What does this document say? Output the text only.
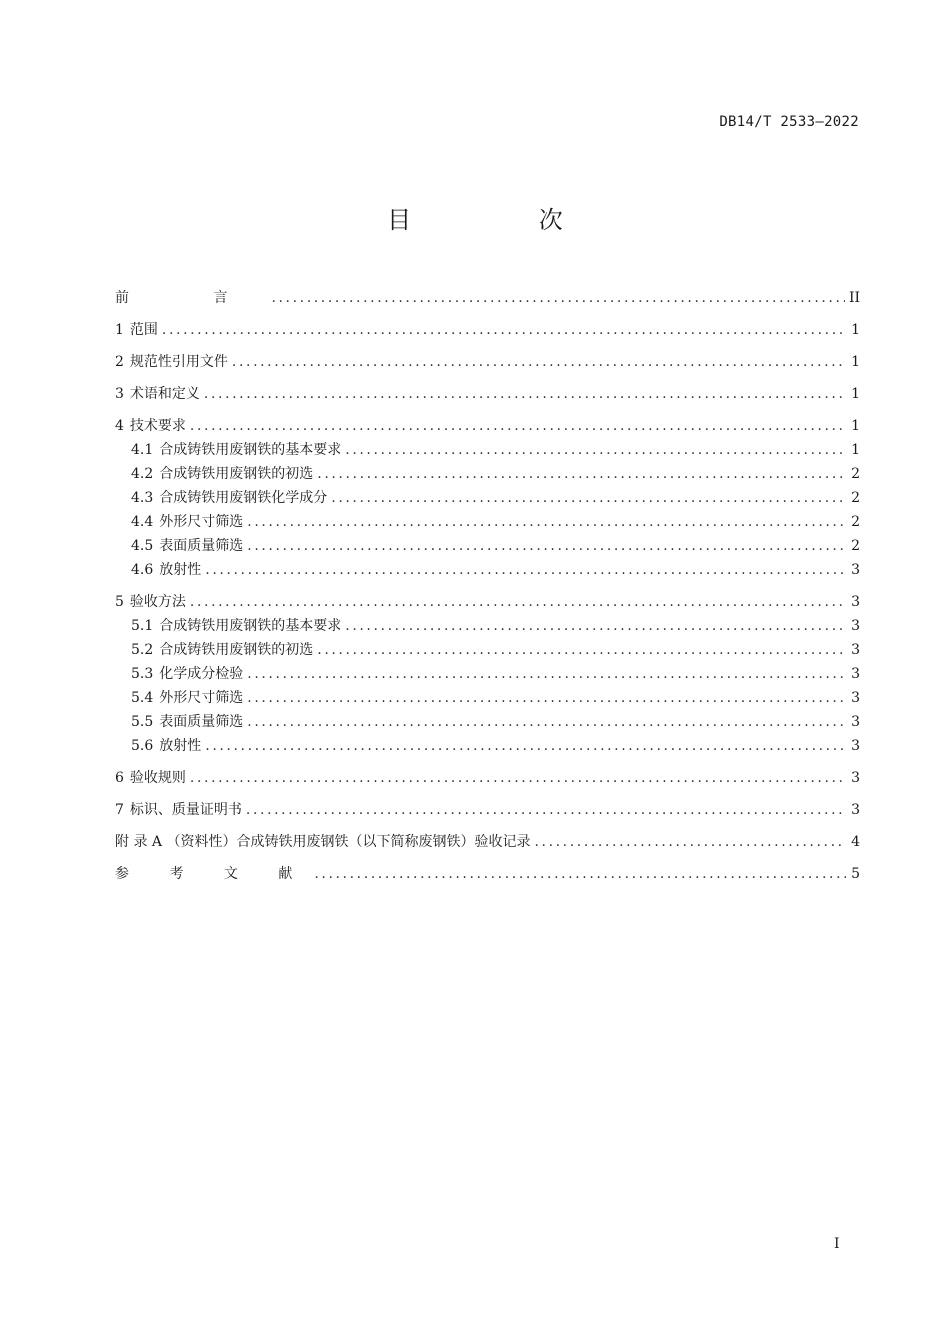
DB14/T 2533—2022
目 次
前 言 .....	II
1 范围 .....	1
2 规范性引用文件 .....	1
3 术语和定义 .....	1
4 技术要求 .....	1
4.1 合成铸铁用废钢铁的基本要求 .....	1
4.2 合成铸铁用废钢铁的初选 .....	2
4.3 合成铸铁用废钢铁化学成分 .....	2
4.4 外形尺寸筛选 .....	2
4.5 表面质量筛选 .....	2
4.6 放射性 .....	3
5 验收方法 .....	3
5.1 合成铸铁用废钢铁的基本要求 .....	3
5.2 合成铸铁用废钢铁的初选 .....	3
5.3 化学成分检验 .....	3
5.4 外形尺寸筛选 .....	3
5.5 表面质量筛选 .....	3
5.6 放射性 .....	3
6 验收规则 .....	3
7 标识、质量证明书 .....	3
附 录 A （资料性）合成铸铁用废钢铁（以下简称废钢铁）验收记录 .....	4
参 考 文 献 .....	5
I
